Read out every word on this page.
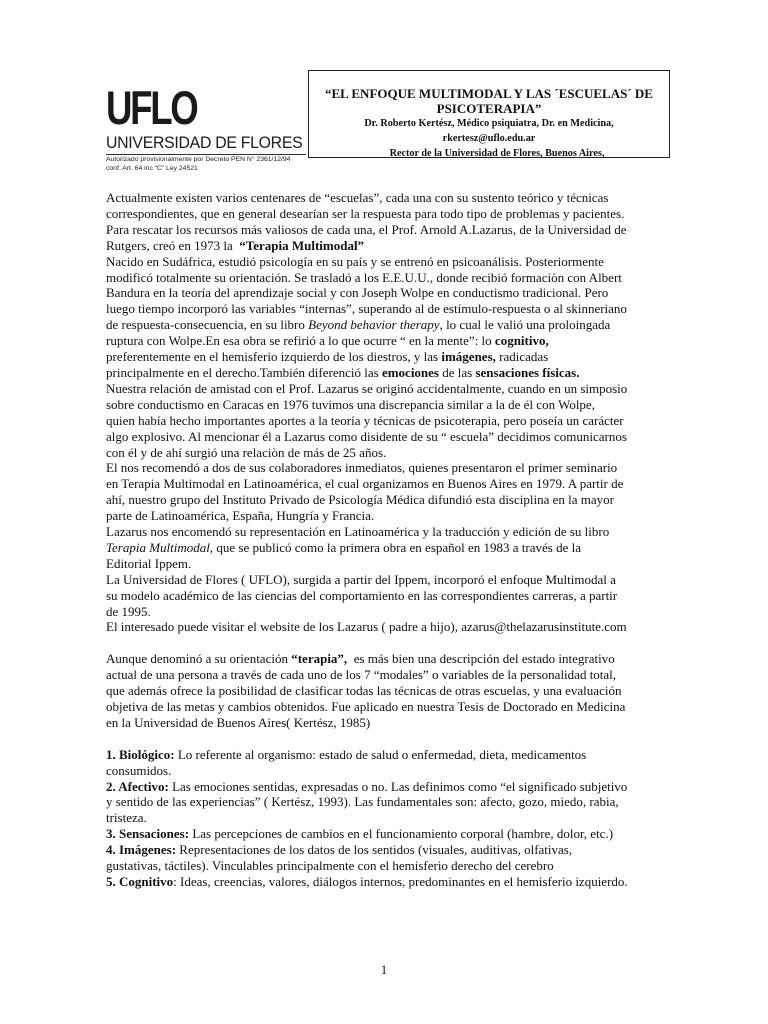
UFLO
UNIVERSIDAD DE FLORES
Autorizado provisionalmente por Decreto PEN N° 2361/12/94
conf. Art. 64 inc “C” Ley 24521
“EL ENFOQUE MULTIMODAL Y LAS ´ESCUELAS´ DE
PSICOTERAPIA”
Dr. Roberto Kertész, Médico psiquiatra, Dr. en Medicina,
rkertesz@uflo.edu.ar
Rector de la Universidad de Flores, Buenos Aires,

Actualmente existen varios centenares de “escuelas”, cada una con su sustento teórico y técnicas
correspondientes, que en general desearían ser la respuesta para todo tipo de problemas y pacientes.
Para rescatar los recursos más valiosos de cada una, el Prof. Arnold A.Lazarus, de la Universidad de
Rutgers, creó en 1973 la  “Terapia Multimodal”

Nacido en Sudáfrica, estudió psicología en su país y se entrenó en psicoanálisis. Posteriormente
modificó totalmente su orientación. Se trasladó a los E.E.U.U., donde recibió formaciòn con Albert
Bandura en la teoría del aprendizaje social y con Joseph Wolpe en conductismo tradicional. Pero
luego tiempo incorporó las variables “internas”, superando al de estímulo-respuesta o al skinneriano
de respuesta-consecuencia, en su libro Beyond behavior therapy, lo cual le valió una proloingada
ruptura con Wolpe.En esa obra se refirió a lo que ocurre “ en la mente”: lo cognitivo,
preferentemente en el hemisferio izquierdo de los diestros, y las imágenes, radicadas
principalmente en el derecho.También diferenció las emociones de las sensaciones físicas.

Nuestra relación de amistad con el Prof. Lazarus se originó accidentalmente, cuando en un simposio
sobre conductismo en Caracas en 1976 tuvimos una discrepancia similar a la de él con Wolpe,
quien había hecho importantes aportes a la teoría y técnicas de psicoterapia, pero poseía un carácter
algo explosivo. Al mencionar él a Lazarus como disidente de su “ escuela” decidimos comunicarnos
con él y de ahí surgió una relaciòn de más de 25 años.

El nos recomendó a dos de sus colaboradores inmediatos, quienes presentaron el primer seminario
en Terapia Multimodal en Latinoamérica, el cual organizamos en Buenos Aires en 1979. A partir de
ahí, nuestro grupo del Instituto Privado de Psicología Médica difundió esta disciplina en la mayor
parte de Latinoamérica, España, Hungría y Francia.

Lazarus nos encomendó su representación en Latinoamérica y la traducción y edición de su libro
Terapia Multimodal, que se publicó como la primera obra en español en 1983 a través de la
Editorial Ippem.

La Universidad de Flores ( UFLO), surgida a partir del Ippem, incorporó el enfoque Multimodal a
su modelo académico de las ciencias del comportamiento en las correspondientes carreras, a partir
de 1995.

El interesado puede visitar el website de los Lazarus ( padre a hijo), azarus@thelazarusinstitute.com

Aunque denominó a su orientación “terapia”,  es más bien una descripción del estado integrativo
actual de una persona a través de cada uno de los 7 “modales” o variables de la personalidad total,
que además ofrece la posibilidad de clasificar todas las técnicas de otras escuelas, y una evaluación
objetiva de las metas y cambios obtenidos. Fue aplicado en nuestra Tesis de Doctorado en Medicina
en la Universidad de Buenos Aires( Kertész, 1985)

1. Biológico: Lo referente al organismo: estado de salud o enfermedad, dieta, medicamentos
consumidos.
2. Afectivo: Las emociones sentidas, expresadas o no. Las definimos como “el significado subjetivo
y sentido de las experiencias” ( Kertész, 1993). Las fundamentales son: afecto, gozo, miedo, rabia,
tristeza.
3. Sensaciones: Las percepciones de cambios en el funcionamiento corporal (hambre, dolor, etc.)
4. Imágenes: Representaciones de los datos de los sentidos (visuales, auditivas, olfativas,
gustativas, táctiles). Vinculables principalmente con el hemisferio derecho del cerebro
5. Cognitivo: Ideas, creencias, valores, diálogos internos, predominantes en el hemisferio izquierdo.

1
